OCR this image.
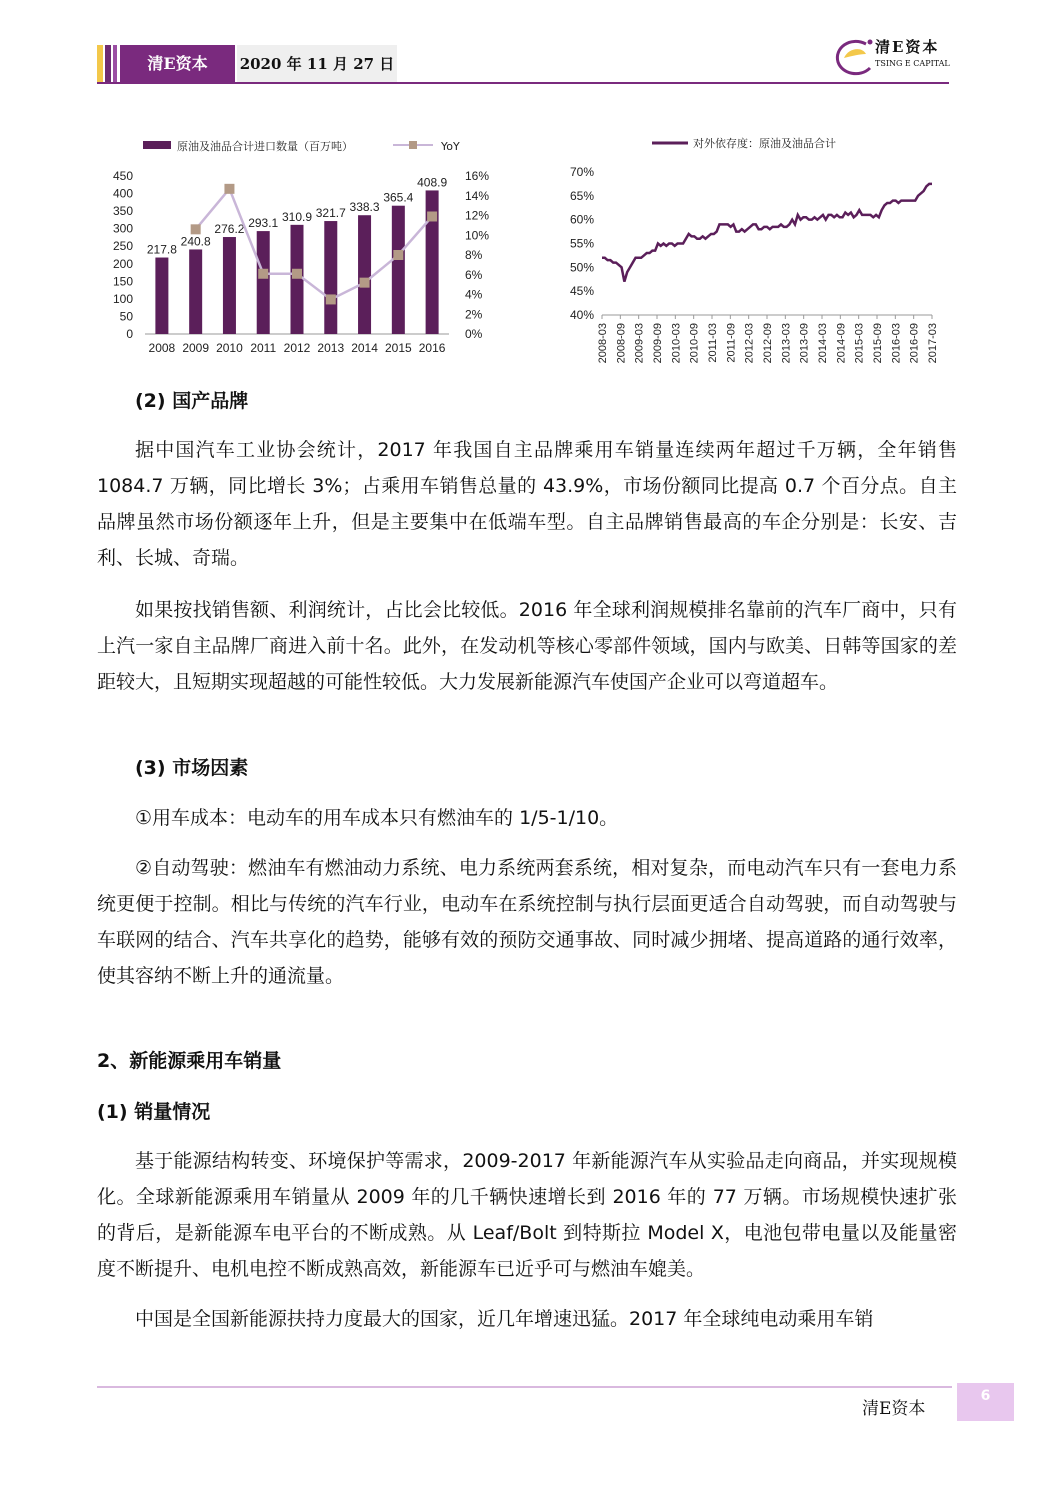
清E资本	2020 年 11 月 27 日
清E资本
TSING E CAPITAL
原油及油品合计进口数量（百万吨）	YoY
0
50
100
150
200
250
300
350
400
450
0%
2%
4%
6%
8%
10%
12%
14%
16%
217.8
2008
240.8
2009
276.2
2010
293.1
2011
310.9
2012
321.7
2013
338.3
2014
365.4
2015
408.9
2016
对外依存度：原油及油品合计
40%
45%
50%
55%
60%
65%
70%
2008-03 2008-09 2009-03 2009-09 2010-03 2010-09 2011-03 2011-09 2012-03 2012-09 2013-03 2013-09 2014-03 2014-09 2015-03 2015-09 2016-03 2016-09 2017-03
(2) 国产品牌
据中国汽车工业协会统计，2017 年我国自主品牌乘用车销量连续两年超过千万辆，全年销售 1084.7 万辆，同比增长 3%；占乘用车销售总量的 43.9%，市场份额同比提高 0.7 个百分点。自主品牌虽然市场份额逐年上升，但是主要集中在低端车型。自主品牌销售最高的车企分别是：长安、吉利、长城、奇瑞。
如果按找销售额、利润统计，占比会比较低。2016 年全球利润规模排名靠前的汽车厂商中，只有上汽一家自主品牌厂商进入前十名。此外，在发动机等核心零部件领域，国内与欧美、日韩等国家的差距较大，且短期实现超越的可能性较低。大力发展新能源汽车使国产企业可以弯道超车。
(3) 市场因素
①用车成本：电动车的用车成本只有燃油车的 1/5-1/10。
②自动驾驶：燃油车有燃油动力系统、电力系统两套系统，相对复杂，而电动汽车只有一套电力系统更便于控制。相比与传统的汽车行业，电动车在系统控制与执行层面更适合自动驾驶，而自动驾驶与车联网的结合、汽车共享化的趋势，能够有效的预防交通事故、同时减少拥堵、提高道路的通行效率，使其容纳不断上升的通流量。
2、新能源乘用车销量
(1) 销量情况
基于能源结构转变、环境保护等需求，2009-2017 年新能源汽车从实验品走向商品，并实现规模化。全球新能源乘用车销量从 2009 年的几千辆快速增长到 2016 年的 77 万辆。市场规模快速扩张的背后，是新能源车电平台的不断成熟。从 Leaf/Bolt 到特斯拉 Model X，电池包带电量以及能量密度不断提升、电机电控不断成熟高效，新能源车已近乎可与燃油车媲美。
中国是全国新能源扶持力度最大的国家，近几年增速迅猛。2017 年全球纯电动乘用车销
清E资本
6
